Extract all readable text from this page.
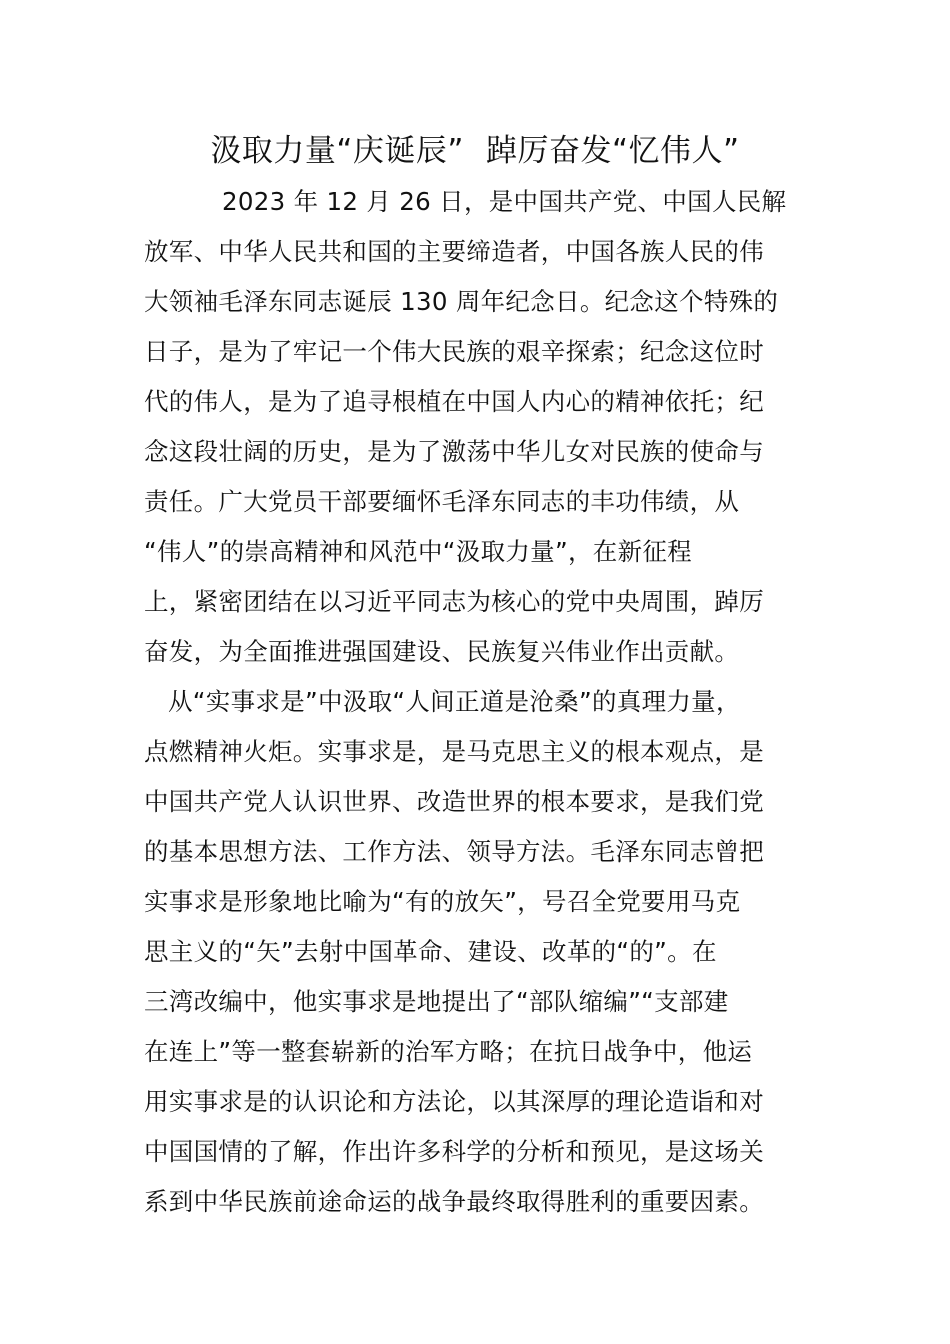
汲取力量“庆诞辰” 踔厉奋发“忆伟人”

2023 年 12 月 26 日，是中国共产党、中国人民解

放军、中华人民共和国的主要缔造者，中国各族人民的伟

大领袖毛泽东同志诞辰 130 周年纪念日。纪念这个特殊的

日子，是为了牢记一个伟大民族的艰辛探索；纪念这位时

代的伟人，是为了追寻根植在中国人内心的精神依托；纪

念这段壮阔的历史，是为了激荡中华儿女对民族的使命与

责任。广大党员干部要缅怀毛泽东同志的丰功伟绩，从

“伟人”的崇高精神和风范中“汲取力量”，在新征程

上，紧密团结在以习近平同志为核心的党中央周围，踔厉

奋发，为全面推进强国建设、民族复兴伟业作出贡献。

从“实事求是”中汲取“人间正道是沧桑”的真理力量，

点燃精神火炬。实事求是，是马克思主义的根本观点，是

中国共产党人认识世界、改造世界的根本要求，是我们党

的基本思想方法、工作方法、领导方法。毛泽东同志曾把

实事求是形象地比喻为“有的放矢”，号召全党要用马克

思主义的“矢”去射中国革命、建设、改革的“的”。在

三湾改编中，他实事求是地提出了“部队缩编”“支部建

在连上”等一整套崭新的治军方略；在抗日战争中，他运

用实事求是的认识论和方法论，以其深厚的理论造诣和对

中国国情的了解，作出许多科学的分析和预见，是这场关

系到中华民族前途命运的战争最终取得胜利的重要因素。
